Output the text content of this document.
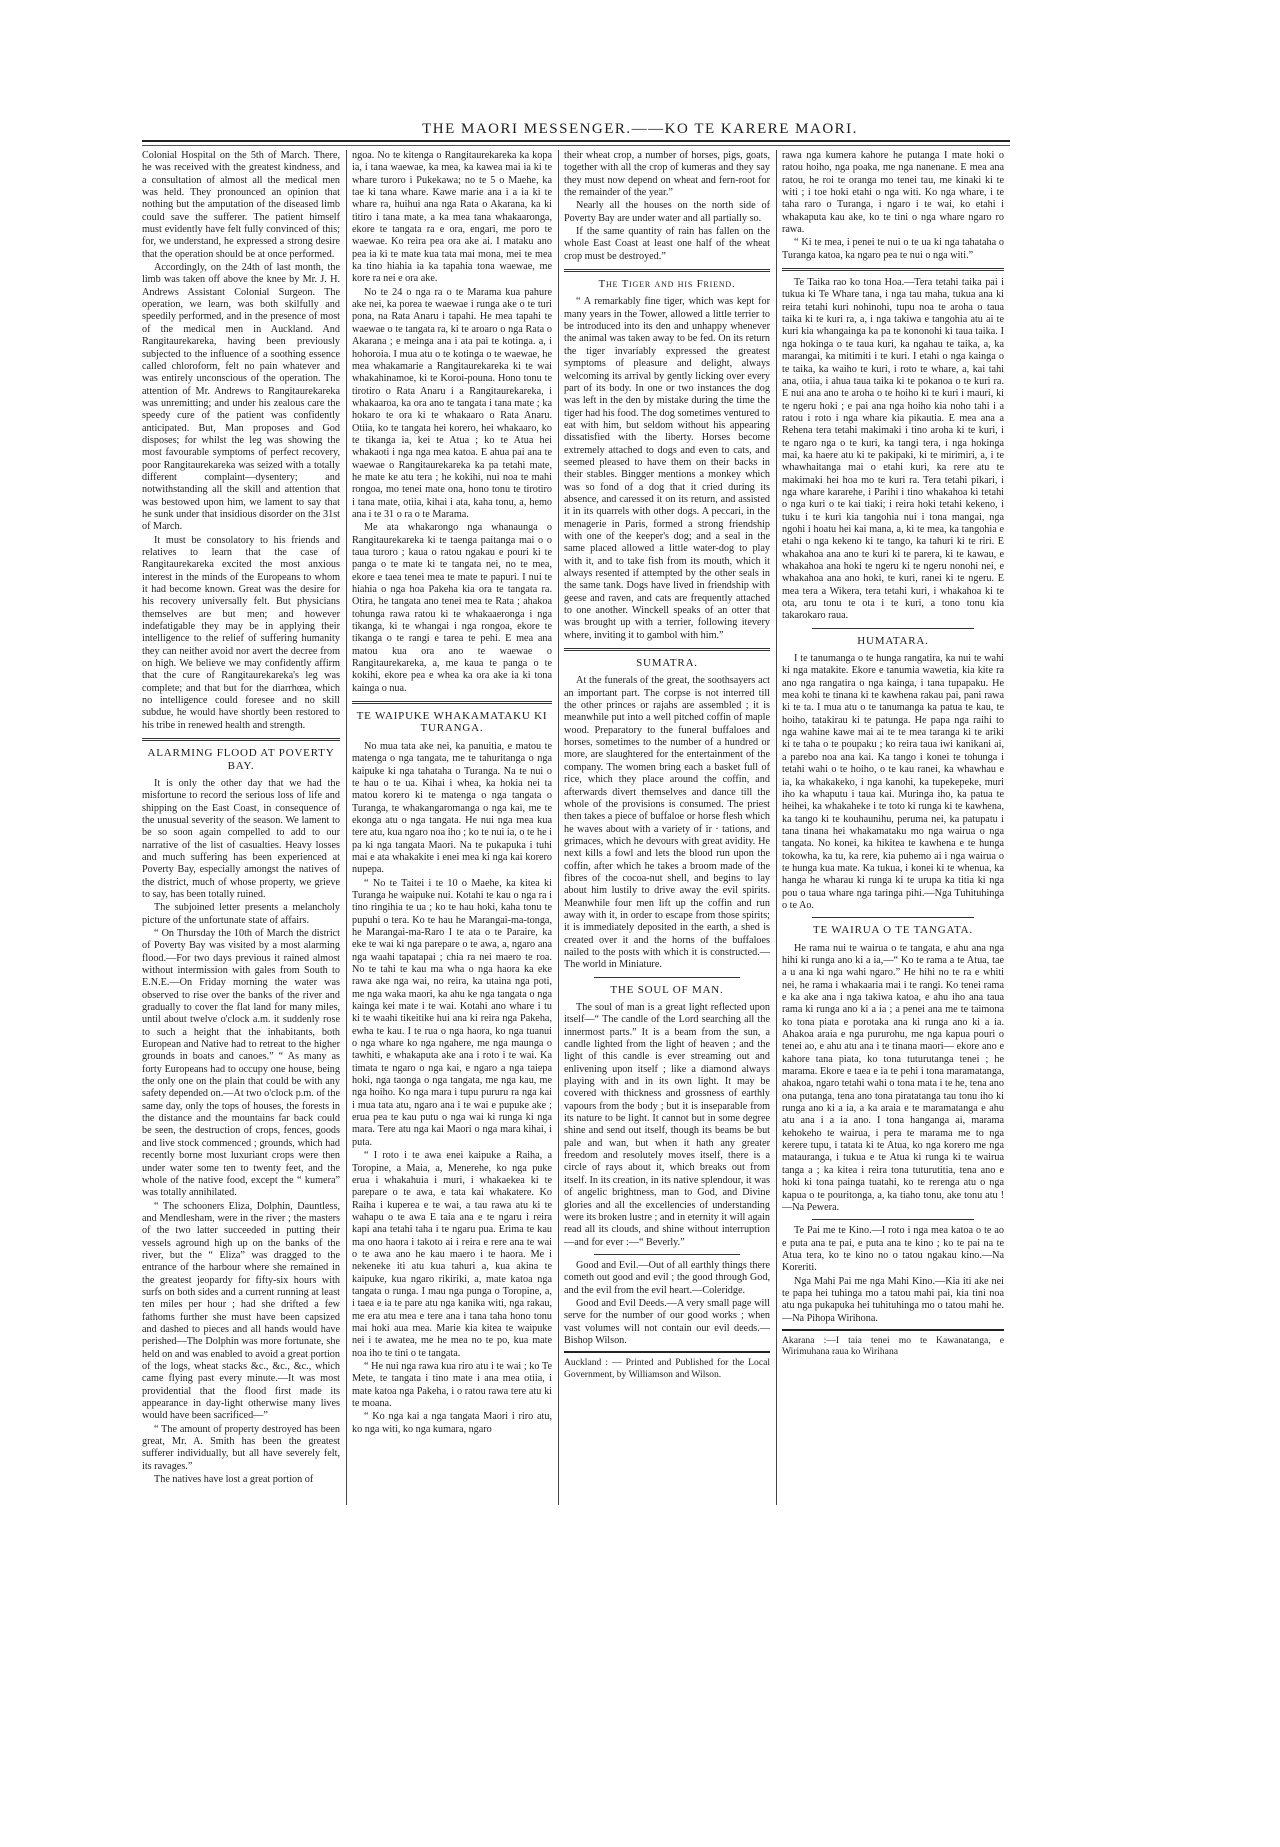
THE MAORI MESSENGER.——KO TE KARERE MAORI.

Colonial Hospital on the 5th of March. There, he was received with the greatest kindness, and a consultation of almost all the medical men was held. They pronounced an opinion that nothing but the amputation of the diseased limb could save the sufferer. The patient himself must evidently have felt fully convinced of this; for, we understand, he expressed a strong desire that the operation should be at once performed.

Accordingly, on the 24th of last month, the limb was taken off above the knee by Mr. J. H. Andrews Assistant Colonial Surgeon. The operation, we learn, was both skilfully and speedily performed, and in the presence of most of the medical men in Auckland. And Rangitaurekareka, having been previously subjected to the influence of a soothing essence called chloroform, felt no pain whatever and was entirely unconscious of the operation. The attention of Mr. Andrews to Rangitaurekareka was unremitting; and under his zealous care the speedy cure of the patient was confidently anticipated. But, Man proposes and God disposes; for whilst the leg was showing the most favourable symptoms of perfect recovery, poor Rangitaurekareka was seized with a totally different complaint—dysentery; and notwithstanding all the skill and attention that was bestowed upon him, we lament to say that he sunk under that insidious disorder on the 31st of March.

It must be consolatory to his friends and relatives to learn that the case of Rangitaurekareka excited the most anxious interest in the minds of the Europeans to whom it had become known. Great was the desire for his recovery universally felt. But physicians themselves are but men; and however indefatigable they may be in applying their intelligence to the relief of suffering humanity they can neither avoid nor avert the decree from on high. We believe we may confidently affirm that the cure of Rangitaurekareka's leg was complete; and that but for the diarrhœa, which no intelligence could foresee and no skill subdue, he would have shortly been restored to his tribe in renewed health and strength.

ALARMING FLOOD AT POVERTY BAY.

It is only the other day that we had the misfortune to record the serious loss of life and shipping on the East Coast, in consequence of the unusual severity of the season. We lament to be so soon again compelled to add to our narrative of the list of casualties. Heavy losses and much suffering has been experienced at Poverty Bay, especially amongst the natives of the district, much of whose property, we grieve to say, has been totally ruined.

The subjoined letter presents a melancholy picture of the unfortunate state of affairs.

“ On Thursday the 10th of March the district of Poverty Bay was visited by a most alarming flood.—For two days previous it rained almost without intermission with gales from South to E.N.E.—On Friday morning the water was observed to rise over the banks of the river and gradually to cover the flat land for many miles, until about twelve o'clock a.m. it suddenly rose to such a height that the inhabitants, both European and Native had to retreat to the higher grounds in boats and canoes.” “ As many as forty Europeans had to occupy one house, being the only one on the plain that could be with any safety depended on.—At two o'clock p.m. of the same day, only the tops of houses, the forests in the distance and the mountains far back could be seen, the destruction of crops, fences, goods and live stock commenced ; grounds, which had recently borne most luxuriant crops were then under water some ten to twenty feet, and the whole of the native food, except the “ kumera” was totally annihilated.

“ The schooners Eliza, Dolphin, Dauntless, and Mendlesham, were in the river ; the masters of the two latter succeeded in putting their vessels aground high up on the banks of the river, but the “ Eliza” was dragged to the entrance of the harbour where she remained in the greatest jeopardy for fifty-six hours with surfs on both sides and a current running at least ten miles per hour ; had she drifted a few fathoms further she must have been capsized and dashed to pieces and all hands would have perished—The Dolphin was more fortunate, she held on and was enabled to avoid a great portion of the logs, wheat stacks &c., &c., &c., which came flying past every minute.—It was most providential that the flood first made its appearance in day-light otherwise many lives would have been sacrificed—”

“ The amount of property destroyed has been great, Mr. A. Smith has been the greatest sufferer individually, but all have severely felt, its ravages.”

The natives have lost a great portion of

ngoa. No te kitenga o Rangitaurekareka ka kopa ia, i tana waewae, ka mea, ka kawea mai ia ki te whare turoro i Pukekawa; no te 5 o Maehe, ka tae ki tana whare. Kawe marie ana i a ia ki te whare ra, huihui ana nga Rata o Akarana, ka ki titiro i tana mate, a ka mea tana whakaaronga, ekore te tangata ra e ora, engari, me poro te waewae. Ko reira pea ora ake ai. I mataku ano pea ia ki te mate kua tata mai mona, mei te mea ka tino hiahia ia ka tapahia tona waewae, me kore ra nei e ora ake.

No te 24 o nga ra o te Marama kua pahure ake nei, ka porea te waewae i runga ake o te turi pona, na Rata Anaru i tapahi. He mea tapahi te waewae o te tangata ra, ki te aroaro o nga Rata o Akarana ; e meinga ana i ata pai te kotinga. a, i hohoroia. I mua atu o te kotinga o te waewae, he mea whakamarie a Rangitaurekareka ki te wai whakahinamoe, ki te Koroi-pouna. Hono tonu te tirotiro o Rata Anaru i a Rangitaurekareka, i whakaaroa, ka ora ano te tangata i tana mate ; ka hokaro te ora ki te whakaaro o Rata Anaru. Otiia, ko te tangata hei korero, hei whakaaro, ko te tikanga ia, kei te Atua ; ko te Atua hei whakaoti i nga nga mea katoa. E ahua pai ana te waewae o Rangitaurekareka ka pa tetahi mate, he mate ke atu tera ; he kokihi, nui noa te mahi rongoa, mo tenei mate ona, hono tonu te tirotiro i tana mate, otiia, kihai i ata, kaha tonu, a, hemo ana i te 31 o ra o te Marama.

Me ata whakarongo nga whanaunga o Rangitaurekareka ki te taenga paitanga mai o o taua turoro ; kaua o ratou ngakau e pouri ki te panga o te mate ki te tangata nei, no te mea, ekore e taea tenei mea te mate te papuri. I nui te hiahia o nga hoa Pakeha kia ora te tangata ra. Otira, he tangata ano tenei mea te Rata ; ahakoa tohunga rawa ratou ki te whakaaeronga i nga tikanga, ki te whangai i nga rongoa, ekore te tikanga o te rangi e tarea te pehi. E mea ana matou kua ora ano te waewae o Rangitaurekareka, a, me kaua te panga o te kokihi, ekore pea e whea ka ora ake ia ki tona kainga o nua.

TE WAIPUKE WHAKAMATAKU KI TURANGA.

No mua tata ake nei, ka panuitia, e matou te matenga o nga tangata, me te tahuritanga o nga kaipuke ki nga tahataha o Turanga. Na te nui o te hau o te ua. Kihai i whea, ka hokia nei ta matou korero ki te matenga o nga tangata o Turanga, te whakangaromanga o nga kai, me te ekonga atu o nga tangata. He nui nga mea kua tere atu, kua ngaro noa iho ; ko te nui ia, o te he i pa ki nga tangata Maori. Na te pukapuka i tuhi mai e ata whakakite i enei mea ki nga kai korero nupepa.

“ No te Taitei i te 10 o Maehe, ka kitea ki Turanga he waipuke nui. Kotahi te kau o nga ra i tino ringihia te ua ; ko te hau hoki, kaha tonu te pupuhi o tera. Ko te hau he Marangai-ma-tonga, he Marangai-ma-Raro I te ata o te Paraire, ka eke te wai ki nga parepare o te awa, a, ngaro ana nga waahi tapatapai ; chia ra nei maero te roa. No te tahi te kau ma wha o nga haora ka eke rawa ake nga wai, no reira, ka utaina nga poti, me nga waka maori, ka ahu ke nga tangata o nga kainga kei mate i te wai. Kotahi ano whare i tu ki te waahi tikeitike hui ana ki reira nga Pakeha, ewha te kau. I te rua o nga haora, ko nga tuanui o nga whare ko nga ngahere, me nga maunga o tawhiti, e whakaputa ake ana i roto i te wai. Ka timata te ngaro o nga kai, e ngaro a nga taiepa hoki, nga taonga o nga tangata, me nga kau, me nga hoiho. Ko nga mara i tupu pururu ra nga kai i mua tata atu, ngaro ana i te wai e pupuke ake ; erua pea te kau putu o nga wai ki runga ki nga mara. Tere atu nga kai Maori o nga mara kihai, i puta.

“ I roto i te awa enei kaipuke a Raiha, a Toropine, a Maia, a, Menerehe, ko nga puke erua i whakahuia i muri, i whakaekea ki te parepare o te awa, e tata kai whakatere. Ko Raiha i kuperea e te wai, a tau rawa atu ki te wahapu o te awa E taia ana e te ngaru i reira kapi ana tetahi taha i te ngaru pua. Erima te kau ma ono haora i takoto ai i reira e rere ana te wai o te awa ano he kau maero i te haora. Me i nekeneke iti atu kua tahuri a, kua akina te kaipuke, kua ngaro rikiriki, a, mate katoa nga tangata o runga. I mau nga punga o Toropine, a, i taea e ia te pare atu nga kanika witi, nga rakau, me era atu mea e tere ana i tana taha hono tonu mai hoki aua mea. Marie kia kitea te waipuke nei i te awatea, me he mea no te po, kua mate noa iho te tini o te tangata.

“ He nui nga rawa kua riro atu i te wai ; ko Te Mete, te tangata i tino mate i ana mea otiia, i mate katoa nga Pakeha, i o ratou rawa tere atu ki te moana.

“ Ko nga kai a nga tangata Maori i riro atu, ko nga witi, ko nga kumara, ngaro

their wheat crop, a number of horses, pigs, goats, together with all the crop of kumeras and they say they must now depend on wheat and fern-root for the remainder of the year.”

Nearly all the houses on the north side of Poverty Bay are under water and all partially so.

If the same quantity of rain has fallen on the whole East Coast at least one half of the wheat crop must be destroyed.”

The Tiger and his Friend.

“ A remarkably fine tiger, which was kept for many years in the Tower, allowed a little terrier to be introduced into its den and unhappy whenever the animal was taken away to be fed. On its return the tiger invariably expressed the greatest symptoms of pleasure and delight, always welcoming its arrival by gently licking over every part of its body. In one or two instances the dog was left in the den by mistake during the time the tiger had his food. The dog sometimes ventured to eat with him, but seldom without his appearing dissatisfied with the liberty. Horses become extremely attached to dogs and even to cats, and seemed pleased to have them on their backs in their stables. Bingger mentions a monkey which was so fond of a dog that it cried during its absence, and caressed it on its return, and assisted it in its quarrels with other dogs. A peccari, in the menagerie in Paris, formed a strong friendship with one of the keeper's dog; and a seal in the same placed allowed a little water-dog to play with it, and to take fish from its mouth, which it always resented if attempted by the other seals in the same tank. Dogs have lived in friendship with geese and raven, and cats are frequently attached to one another. Winckell speaks of an otter that was brought up with a terrier, following itevery where, inviting it to gambol with him.”

SUMATRA.

At the funerals of the great, the soothsayers act an important part. The corpse is not interred till the other princes or rajahs are assembled ; it is meanwhile put into a well pitched coffin of maple wood. Preparatory to the funeral buffaloes and horses, sometimes to the number of a hundred or more, are slaughtered for the entertainment of the company. The women bring each a basket full of rice, which they place around the coffin, and afterwards divert themselves and dance till the whole of the provisions is consumed. The priest then takes a piece of buffaloe or horse flesh which he waves about with a variety of ir ‧ tations, and grimaces, which he devours with great avidity. He next kills a fowl and lets the blood run upon the coffin, after which he takes a broom made of the fibres of the cocoa-nut shell, and begins to lay about him lustily to drive away the evil spirits. Meanwhile four men lift up the coffin and run away with it, in order to escape from those spirits; it is immediately deposited in the earth, a shed is created over it and the horns of the buffaloes nailed to the posts with which it is constructed.—The world in Miniature.

THE SOUL OF MAN.

The soul of man is a great light reflected upon itself—“ The candle of the Lord searching all the innermost parts.” It is a beam from the sun, a candle lighted from the light of heaven ; and the light of this candle is ever streaming out and enlivening upon itself ; like a diamond always playing with and in its own light. It may be covered with thickness and grossness of earthly vapours from the body ; but it is inseparable from its nature to be light. It cannot but in some degree shine and send out itself, though its beams be but pale and wan, but when it hath any greater freedom and resolutely moves itself, there is a circle of rays about it, which breaks out from itself. In its creation, in its native splendour, it was of angelic brightness, man to God, and Divine glories and all the excellencies of understanding were its broken lustre ; and in eternity it will again read all its clouds, and shine without interruption—and for ever :—“ Beverly.”

Good and Evil.—Out of all earthly things there cometh out good and evil ; the good through God, and the evil from the evil heart.—Coleridge.

Good and Evil Deeds.—A very small page will serve for the number of our good works ; when vast volumes will not contain our evil deeds.—Bishop Wilson.

Auckland : — Printed and Published for the Local Government, by Williamson and Wilson.

rawa nga kumera kahore he putanga I mate hoki o ratou hoiho, nga poaka, me nga nanenane. E mea ana ratou, he roi te oranga mo tenei tau, me kinaki ki te witi ; i toe hoki etahi o nga witi. Ko nga whare, i te taha raro o Turanga, i ngaro i te wai, ko etahi i whakaputa kau ake, ko te tini o nga whare ngaro ro rawa.

“ Ki te mea, i penei te nui o te ua ki nga tahataha o Turanga katoa, ka ngaro pea te nui o nga witi.”

Te Taika rao ko tona Hoa.—Tera tetahi taika pai i tukua ki Te Whare tana, i nga tau maha, tukua ana ki reira tetahi kuri nohinohi, tupu noa te aroha o taua taika ki te kuri ra, a, i nga takiwa e tangohia atu ai te kuri kia whangainga ka pa te kononohi ki taua taika. I nga hokinga o te taua kuri, ka ngahau te taika, a, ka marangai, ka mitimiti i te kuri. I etahi o nga kainga o te taika, ka waiho te kuri, i roto te whare, a, kai tahi ana, otiia, i ahua taua taika ki te pokanoa o te kuri ra. E nui ana ano te aroha o te hoiho ki te kuri i mauri, ki te ngeru hoki ; e pai ana nga hoiho kia noho tahi i a ratou i roto i nga whare kia pikautia. E mea ana a Rehena tera tetahi makimaki i tino aroha ki te kuri, i te ngaro nga o te kuri, ka tangi tera, i nga hokinga mai, ka haere atu ki te pakipaki, ki te mirimiri, a, i te whawhaitanga mai o etahi kuri, ka rere atu te makimaki hei hoa mo te kuri ra. Tera tetahi pikari, i nga whare kararehe, i Parihi i tino whakahoa ki tetahi o nga kuri o te kai tiaki; i reira hoki tetahi kekeno, i tuku i te kuri kia tangohia nui i tona mangai, nga ngohi i hoatu hei kai mana, a, ki te mea, ka tangohia e etahi o nga kekeno ki te tango, ka tahuri ki te riri. E whakahoa ana ano te kuri ki te parera, ki te kawau, e whakahoa ana hoki te ngeru ki te ngeru nonohi nei, e whakahoa ana ano hoki, te kuri, ranei ki te ngeru. E mea tera a Wikera, tera tetahi kuri, i whakahoa ki te ota, aru tonu te ota i te kuri, a tono tonu kia takarokaro raua.

HUMATARA.

I te tanumanga o te hunga rangatira, ka nui te wahi ki nga matakite. Ekore e tanumia wawetia, kia kite ra ano nga rangatira o nga kainga, i tana tupapaku. He mea kohi te tinana ki te kawhena rakau pai, pani rawa ki te ta. I mua atu o te tanumanga ka patua te kau, te hoiho, tatakirau ki te patunga. He papa nga raihi to nga wahine kawe mai ai te te mea taranga ki te ariki ki te taha o te poupaku ; ko reira taua iwi kanikani ai, a parebo noa ana kai. Ka tango i konei te tohunga i tetahi wahi o te hoiho, o te kau ranei, ka whawhau e ia, ka whakakeko, i nga kanohi, ka tupekepeke, muri iho ka whaputu i taua kai. Muringa iho, ka patua te heihei, ka whakaheke i te toto ki runga ki te kawhena, ka tango ki te kouhaunihu, peruma nei, ka patupatu i tana tinana hei whakamataku mo nga wairua o nga tangata. No konei, ka hikitea te kawhena e te hunga tokowha, ka tu, ka rere, kia puhemo ai i nga wairua o te hunga kua mate. Ka tukua, i konei ki te whenua, ka hanga he wharau ki runga ki te urupa ka titia ki nga pou o taua whare nga taringa pihi.—Nga Tuhituhinga o te Ao.

TE WAIRUA O TE TANGATA.

He rama nui te wairua o te tangata, e ahu ana nga hihi ki runga ano ki a ia,—“ Ko te rama a te Atua, tae a u ana ki nga wahi ngaro.” He hihi no te ra e whiti nei, he rama i whakaaria mai i te rangi. Ko tenei rama e ka ake ana i nga takiwa katoa, e ahu iho ana taua rama ki runga ano ki a ia ; a penei ana me te taimona ko tona piata e porotaka ana ki runga ano ki a ia. Ahakoa araia e nga pururohu, me nga kapua pouri o tenei ao, e ahu atu ana i te tinana maori— ekore ano e kahore tana piata, ko tona tuturutanga tenei ; he marama. Ekore e taea e ia te pehi i tona maramatanga, ahakoa, ngaro tetahi wahi o tona mata i te he, tena ano ona putanga, tena ano tona piratatanga tau tonu iho ki runga ano ki a ia, a ka araia e te maramatanga e ahu atu ana i a ia ano. I tona hanganga ai, marama kehokeho te wairua, i pera te marama me to nga kerere tupu, i tatata ki te Atua, ko nga korero me nga matauranga, i tukua e te Atua ki runga ki te wairua tanga a ; ka kitea i reira tona tuturutitia, tena ano e hoki ki tona painga tuatahi, ko te rerenga atu o nga kapua o te pouritonga, a, ka tiaho tonu, ake tonu atu !—Na Pewera.

Te Pai me te Kino.—I roto i nga mea katoa o te ao e puta ana te pai, e puta ana te kino ; ko te pai na te Atua tera, ko te kino no o tatou ngakau kino.—Na Koreriti.

Nga Mahi Pai me nga Mahi Kino.—Kia iti ake nei te papa hei tuhinga mo a tatou mahi pai, kia tini noa atu nga pukapuka hei tuhituhinga mo o tatou mahi he.—Na Pihopa Wirihona.

Akarana :—I taia tenei mo te Kawanatanga, e Wirimuhana raua ko Wirihana
